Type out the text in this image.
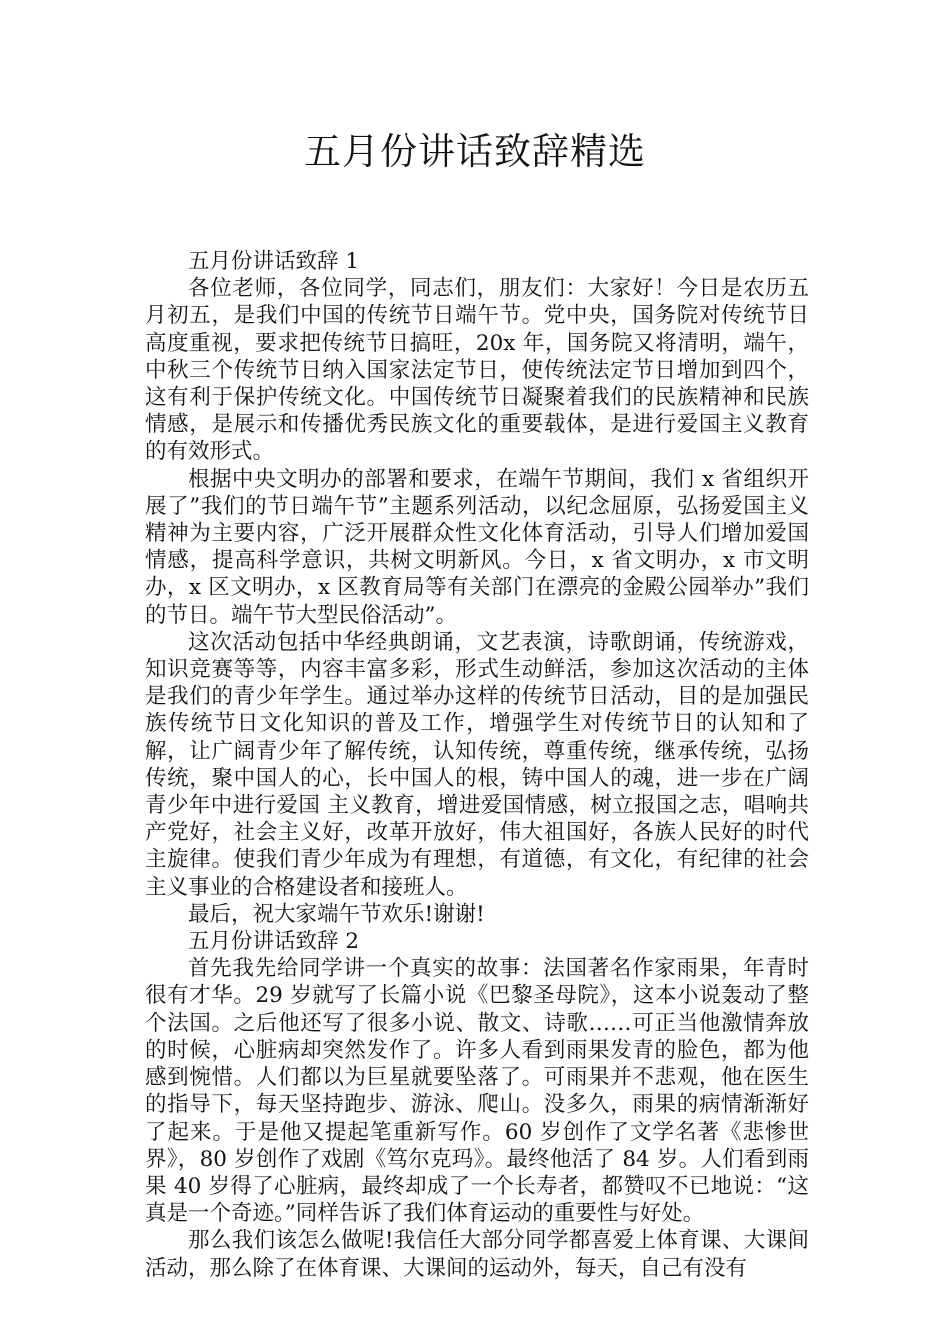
五月份讲话致辞精选

五月份讲话致辞 1

各位老师，各位同学，同志们，朋友们：大家好！今日是农历五月初五，是我们中国的传统节日端午节。党中央，国务院对传统节日高度重视，要求把传统节日搞旺，20x 年，国务院又将清明，端午，中秋三个传统节日纳入国家法定节日，使传统法定节日增加到四个，这有利于保护传统文化。中国传统节日凝聚着我们的民族精神和民族情感，是展示和传播优秀民族文化的重要载体，是进行爱国主义教育的有效形式。

根据中央文明办的部署和要求，在端午节期间，我们 x 省组织开展了”我们的节日端午节”主题系列活动，以纪念屈原，弘扬爱国主义精神为主要内容，广泛开展群众性文化体育活动，引导人们增加爱国情感，提高科学意识，共树文明新风。今日，x 省文明办，x 市文明办，x 区文明办，x 区教育局等有关部门在漂亮的金殿公园举办”我们的节日。端午节大型民俗活动”。

这次活动包括中华经典朗诵，文艺表演，诗歌朗诵，传统游戏，知识竞赛等等，内容丰富多彩，形式生动鲜活，参加这次活动的主体是我们的青少年学生。通过举办这样的传统节日活动，目的是加强民族传统节日文化知识的普及工作，增强学生对传统节日的认知和了解，让广阔青少年了解传统，认知传统，尊重传统，继承传统，弘扬传统，聚中国人的心，长中国人的根，铸中国人的魂，进一步在广阔青少年中进行爱国 主义教育，增进爱国情感，树立报国之志，唱响共产党好，社会主义好，改革开放好，伟大祖国好，各族人民好的时代主旋律。使我们青少年成为有理想，有道德，有文化，有纪律的社会主义事业的合格建设者和接班人。

最后，祝大家端午节欢乐!谢谢!

五月份讲话致辞 2

首先我先给同学讲一个真实的故事：法国著名作家雨果，年青时很有才华。29 岁就写了长篇小说《巴黎圣母院》，这本小说轰动了整个法国。之后他还写了很多小说、散文、诗歌……可正当他激情奔放的时候，心脏病却突然发作了。许多人看到雨果发青的脸色，都为他感到惋惜。人们都以为巨星就要坠落了。可雨果并不悲观，他在医生的指导下，每天坚持跑步、游泳、爬山。没多久，雨果的病情渐渐好了起来。于是他又提起笔重新写作。60 岁创作了文学名著《悲惨世界》，80 岁创作了戏剧《笃尔克玛》。最终他活了 84 岁。人们看到雨果 40 岁得了心脏病，最终却成了一个长寿者，都赞叹不已地说：“这真是一个奇迹。”同样告诉了我们体育运动的重要性与好处。

那么我们该怎么做呢!我信任大部分同学都喜爱上体育课、大课间活动，那么除了在体育课、大课间的运动外，每天，自己有没有
